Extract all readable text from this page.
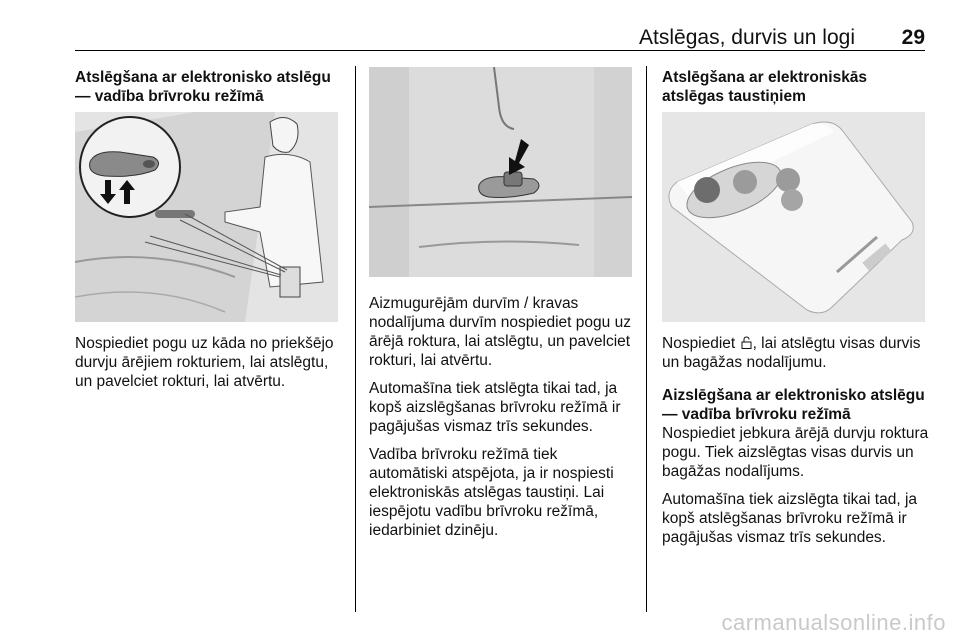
Atslēgas, durvis un logi 29
Atslēgšana ar elektronisko atslēgu — vadība brīvroku režīmā

Nospiediet pogu uz kāda no priekšējo durvju ārējiem rokturiem, lai atslēgtu, un pavelciet rokturi, lai atvērtu.

Aizmugurējām durvīm / kravas nodalījuma durvīm nospiediet pogu uz ārējā roktura, lai atslēgtu, un pavelciet rokturi, lai atvērtu.

Automašīna tiek atslēgta tikai tad, ja kopš aizslēgšanas brīvroku režīmā ir pagājušas vismaz trīs sekundes.

Vadība brīvroku režīmā tiek automātiski atspējota, ja ir nospiesti elektroniskās atslēgas taustiņi. Lai iespējotu vadību brīvroku režīmā, iedarbiniet dzinēju.

Atslēgšana ar elektroniskās atslēgas taustiņiem

Nospiediet , lai atslēgtu visas durvis un bagāžas nodalījumu.

Aizslēgšana ar elektronisko atslēgu — vadība brīvroku režīmā

Nospiediet jebkura ārējā durvju roktura pogu. Tiek aizslēgtas visas durvis un bagāžas nodalījums.

Automašīna tiek aizslēgta tikai tad, ja kopš atslēgšanas brīvroku režīmā ir pagājušas vismaz trīs sekundes.

carmanualsonline.info
